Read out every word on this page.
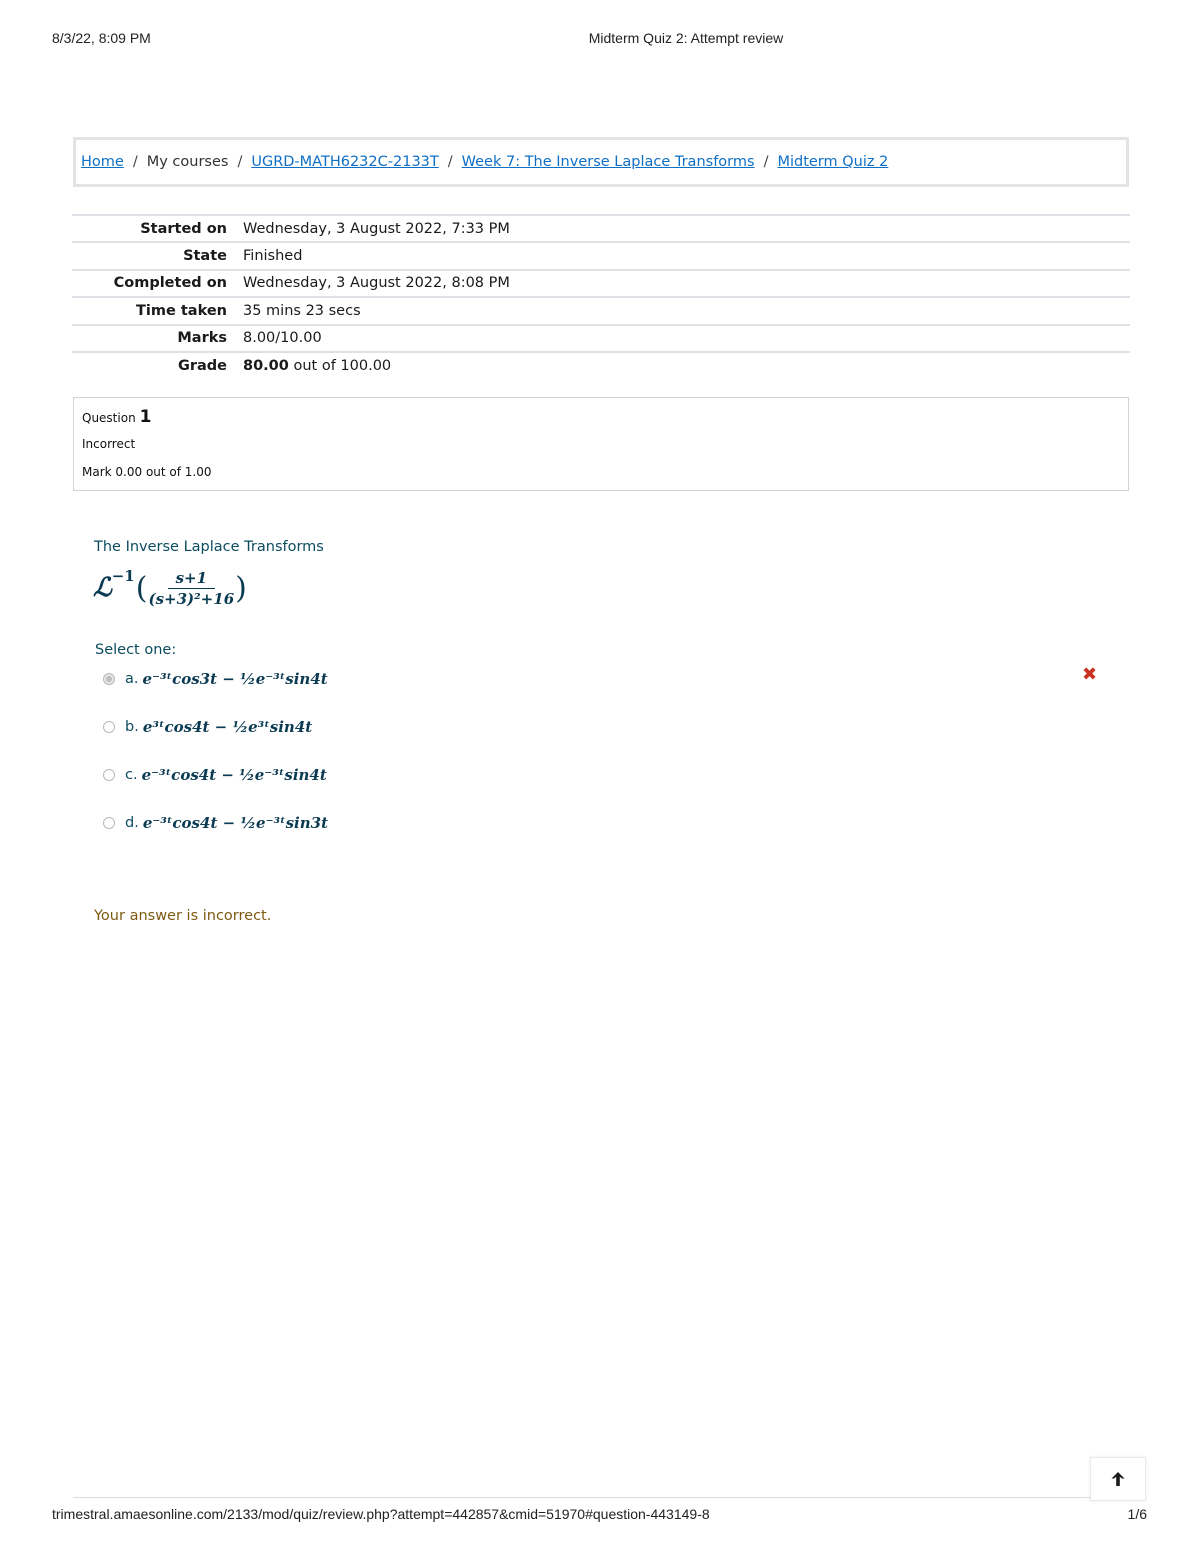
8/3/22, 8:09 PM	Midterm Quiz 2: Attempt review
Home / My courses / UGRD-MATH6232C-2133T / Week 7: The Inverse Laplace Transforms / Midterm Quiz 2
Started on	Wednesday, 3 August 2022, 7:33 PM
State	Finished
Completed on	Wednesday, 3 August 2022, 8:08 PM
Time taken	35 mins 23 secs
Marks	8.00/10.00
Grade	80.00 out of 100.00
Question 1
Incorrect
Mark 0.00 out of 1.00
The Inverse Laplace Transforms
ℒ −1 ( $\frac{s+1}{\text{(s+3)²+16}}$ )
Select one:
a. e⁻³ᵗcos3t − ½e⁻³ᵗsin4t	✖
b. e³ᵗcos4t − ½e³ᵗsin4t
c. e⁻³ᵗcos4t − ½e⁻³ᵗsin4t
d. e⁻³ᵗcos4t − ½e⁻³ᵗsin3t
Your answer is incorrect.
trimestral.amaesonline.com/2133/mod/quiz/review.php?attempt=442857&cmid=51970#question-443149-8	1/6
